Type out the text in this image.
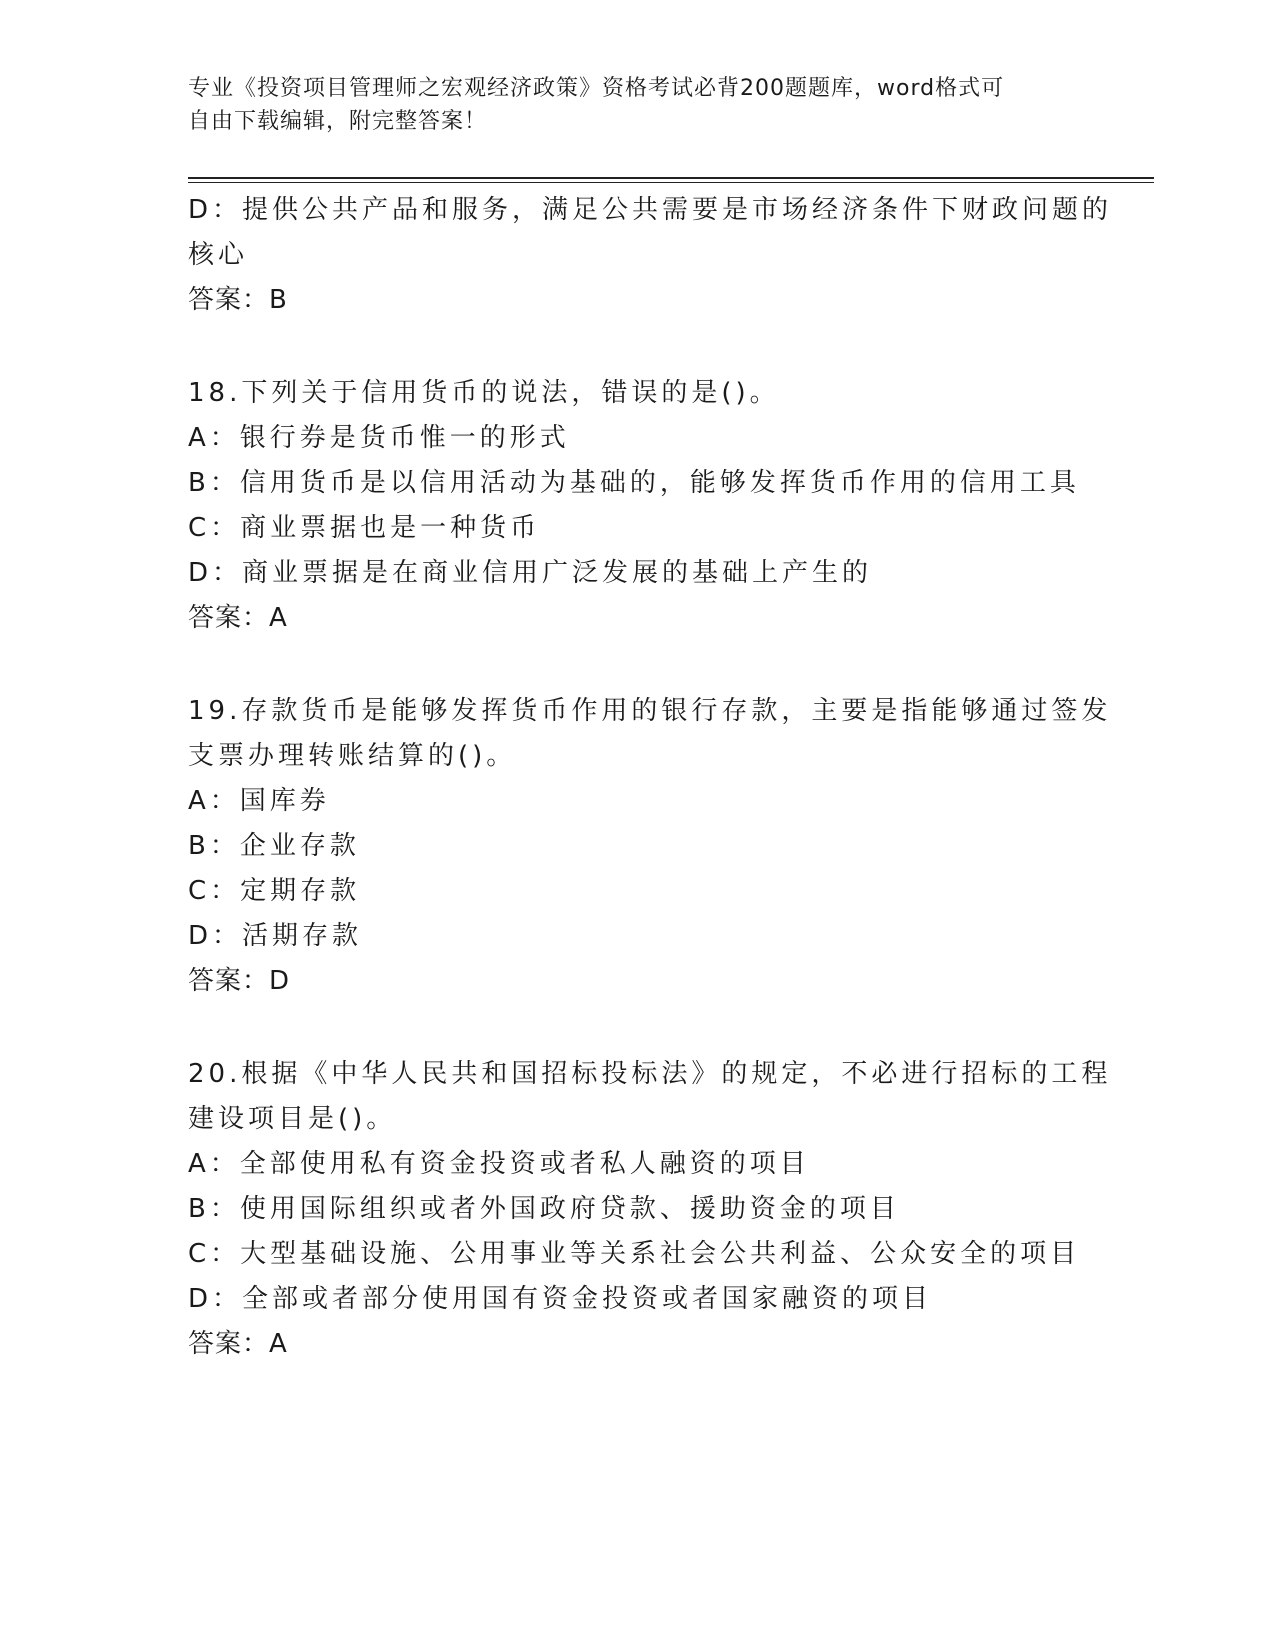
专业《投资项目管理师之宏观经济政策》资格考试必背200题题库，word格式可
自由下载编辑，附完整答案！
D：提供公共产品和服务，满足公共需要是市场经济条件下财政问题的
核心
答案：B
18.下列关于信用货币的说法，错误的是()。
A：银行券是货币惟一的形式
B：信用货币是以信用活动为基础的，能够发挥货币作用的信用工具
C：商业票据也是一种货币
D：商业票据是在商业信用广泛发展的基础上产生的
答案：A
19.存款货币是能够发挥货币作用的银行存款，主要是指能够通过签发
支票办理转账结算的()。
A：国库券
B：企业存款
C：定期存款
D：活期存款
答案：D
20.根据《中华人民共和国招标投标法》的规定，不必进行招标的工程
建设项目是()。
A：全部使用私有资金投资或者私人融资的项目
B：使用国际组织或者外国政府贷款、援助资金的项目
C：大型基础设施、公用事业等关系社会公共利益、公众安全的项目
D：全部或者部分使用国有资金投资或者国家融资的项目
答案：A
